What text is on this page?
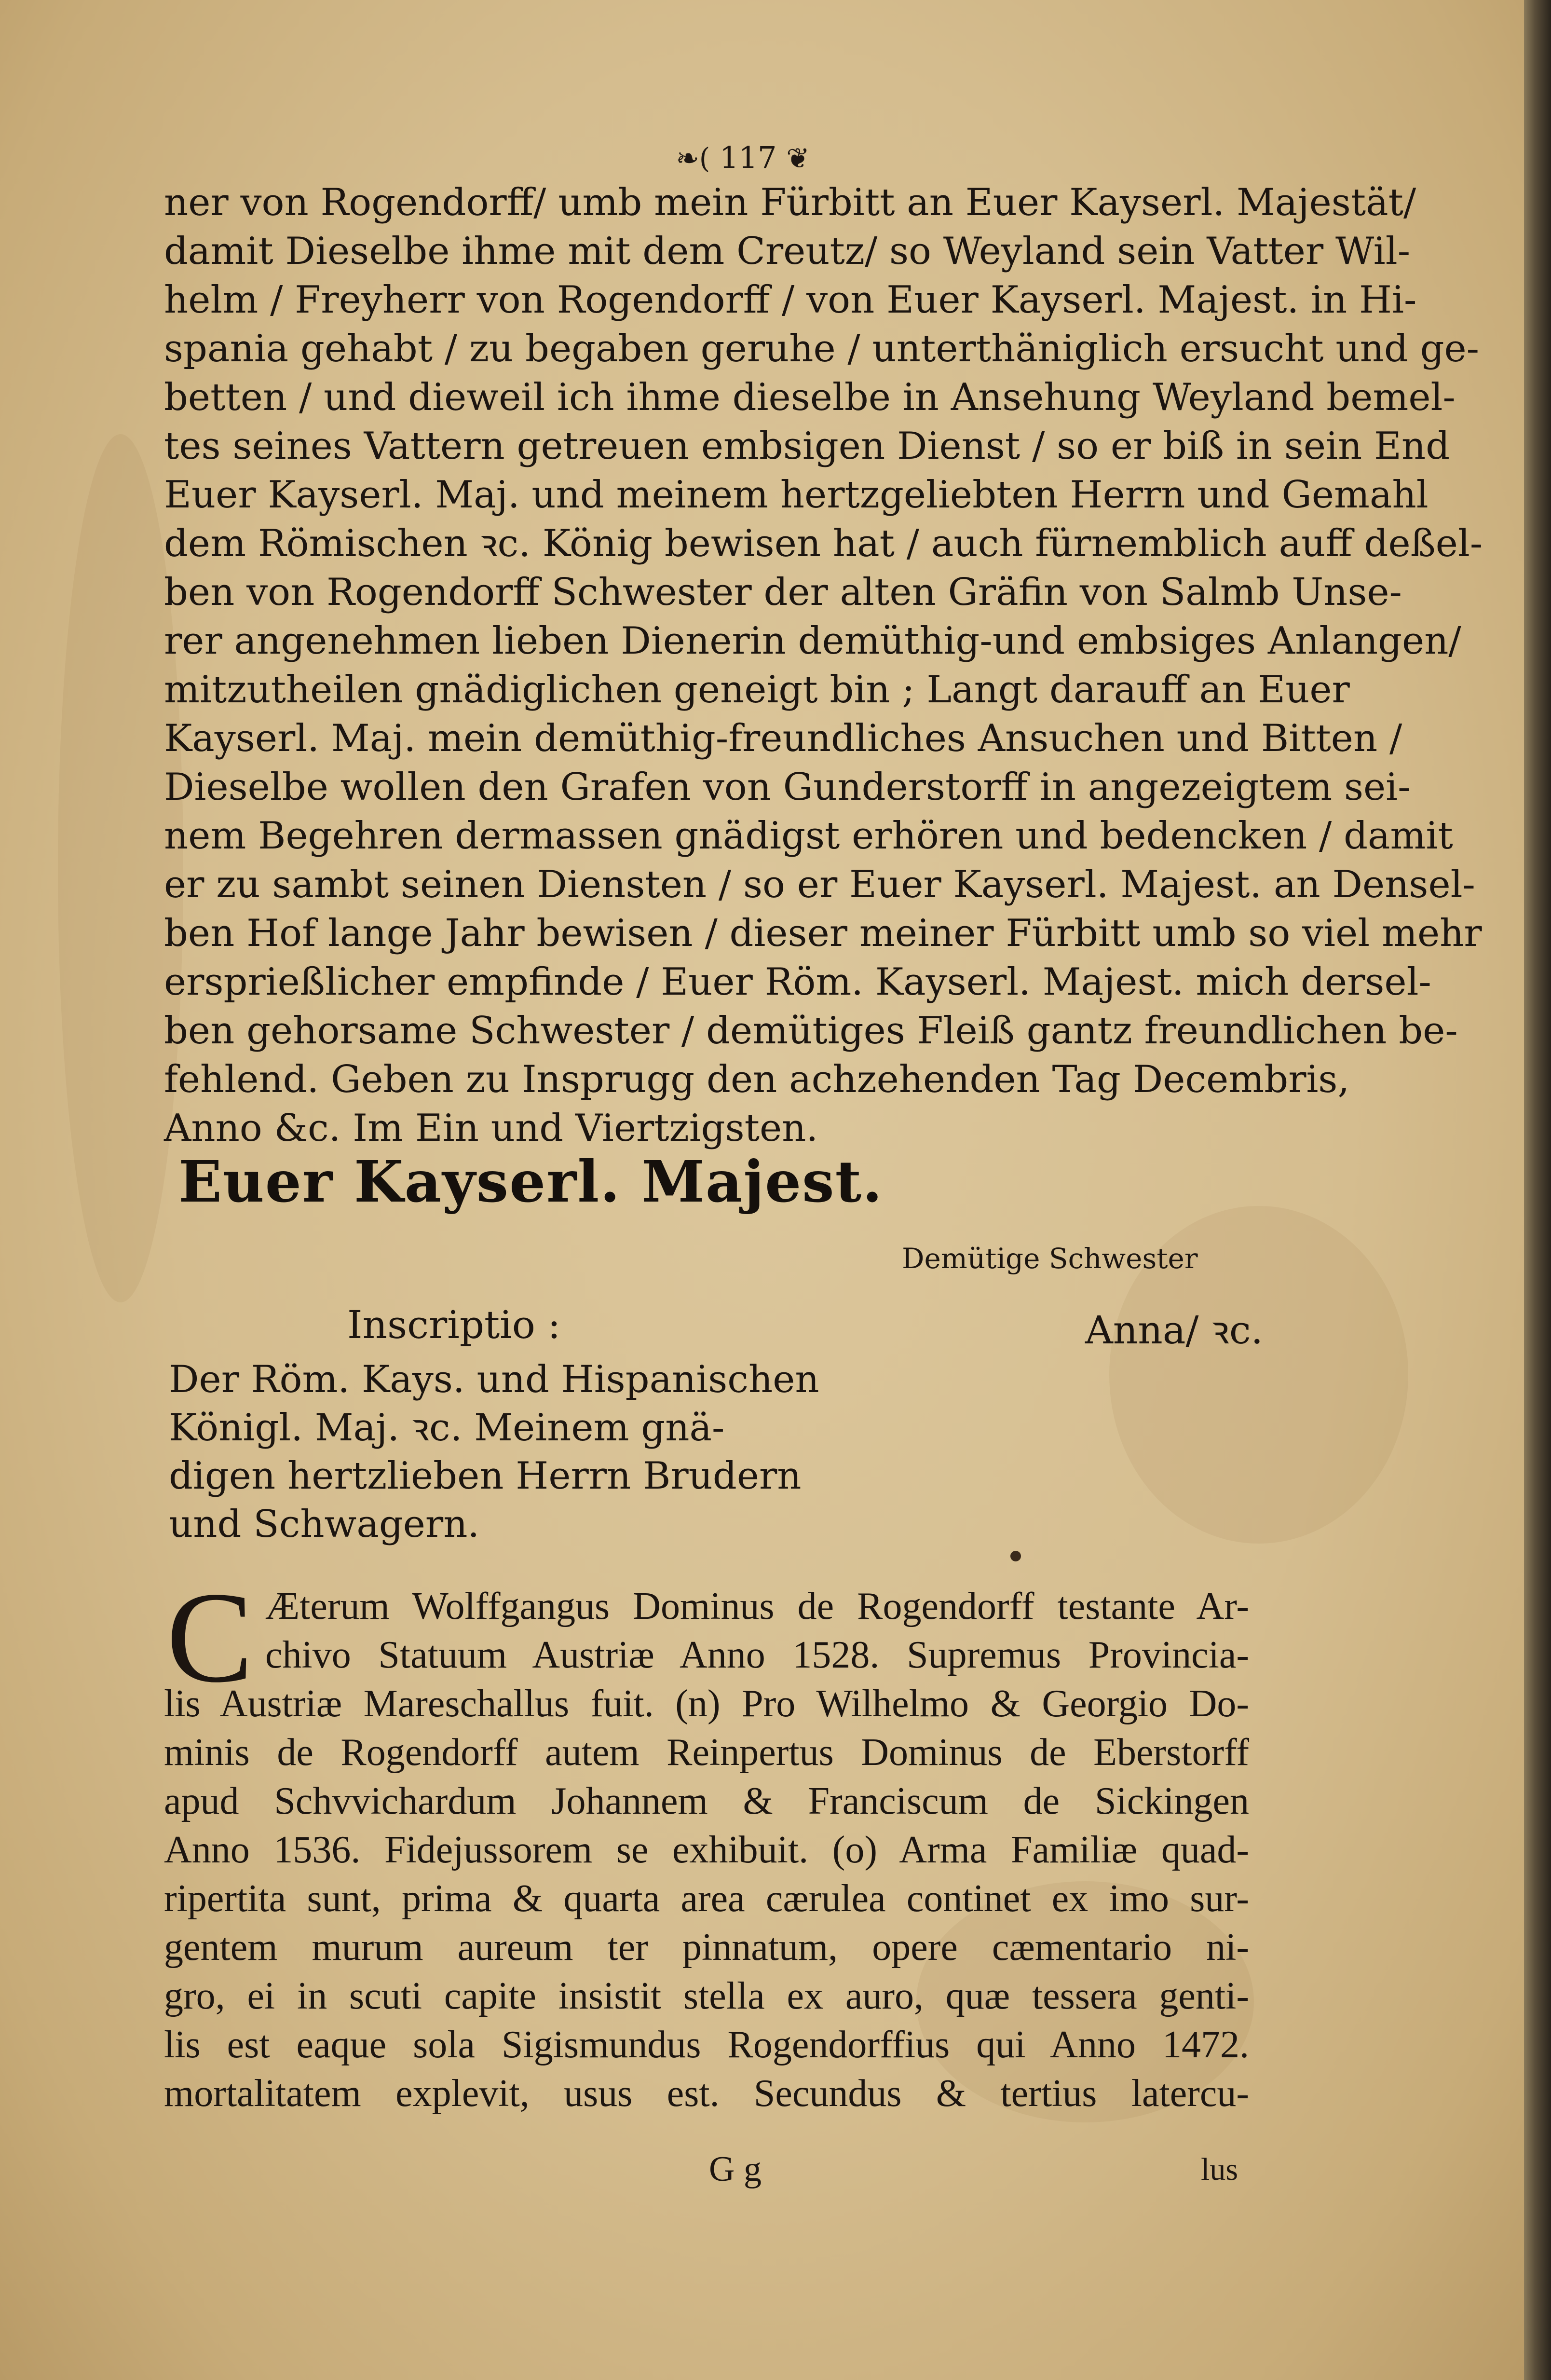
❧( 117 ❦
ner von Rogendorff/ umb mein Fürbitt an Euer Kayserl. Majestät/
damit Dieselbe ihme mit dem Creutz/ so Weyland sein Vatter Wil-
helm / Freyherr von Rogendorff / von Euer Kayserl. Majest. in Hi-
spania gehabt / zu begaben geruhe / unterthäniglich ersucht und ge-
betten / und dieweil ich ihme dieselbe in Ansehung Weyland bemel-
tes seines Vattern getreuen embsigen Dienst / so er biß in sein End
Euer Kayserl. Maj. und meinem hertzgeliebten Herrn und Gemahl
dem Römischen ꝛc. König bewisen hat / auch fürnemblich auff deßel-
ben von Rogendorff Schwester der alten Gräfin von Salmb Unse-
rer angenehmen lieben Dienerin demüthig-und embsiges Anlangen/
mitzutheilen gnädiglichen geneigt bin ; Langt darauff an Euer
Kayserl. Maj. mein demüthig-freundliches Ansuchen und Bitten /
Dieselbe wollen den Grafen von Gunderstorff in angezeigtem sei-
nem Begehren dermassen gnädigst erhören und bedencken / damit
er zu sambt seinen Diensten / so er Euer Kayserl. Majest. an Densel-
ben Hof lange Jahr bewisen / dieser meiner Fürbitt umb so viel mehr
ersprießlicher empfinde / Euer Röm. Kayserl. Majest. mich dersel-
ben gehorsame Schwester / demütiges Fleiß gantz freundlichen be-
fehlend. Geben zu Insprugg den achzehenden Tag Decembris,
Anno &c. Im Ein und Viertzigsten.
Euer Kayserl. Majest.
Demütige Schwester
Anna/ ꝛc.
Inscriptio :
Der Röm. Kays. und Hispanischen
Königl. Maj. ꝛc. Meinem gnä-
digen hertzlieben Herrn Brudern
und Schwagern.
C Æterum Wolffgangus Dominus de Rogendorff testante Ar-
chivo Statuum Austriæ Anno 1528. Supremus Provincia-
lis Austriæ Mareschallus fuit. (n) Pro Wilhelmo & Georgio Do-
minis de Rogendorff autem Reinpertus Dominus de Eberstorff
apud Schvvichardum Johannem & Franciscum de Sickingen
Anno 1536. Fidejussorem se exhibuit. (o) Arma Familiæ quad-
ripertita sunt, prima & quarta area cærulea continet ex imo sur-
gentem murum aureum ter pinnatum, opere cæmentario ni-
gro, ei in scuti capite insistit stella ex auro, quæ tessera genti-
lis est eaque sola Sigismundus Rogendorffius qui Anno 1472.
mortalitatem explevit, usus est. Secundus & tertius latercu-
G g	lus
